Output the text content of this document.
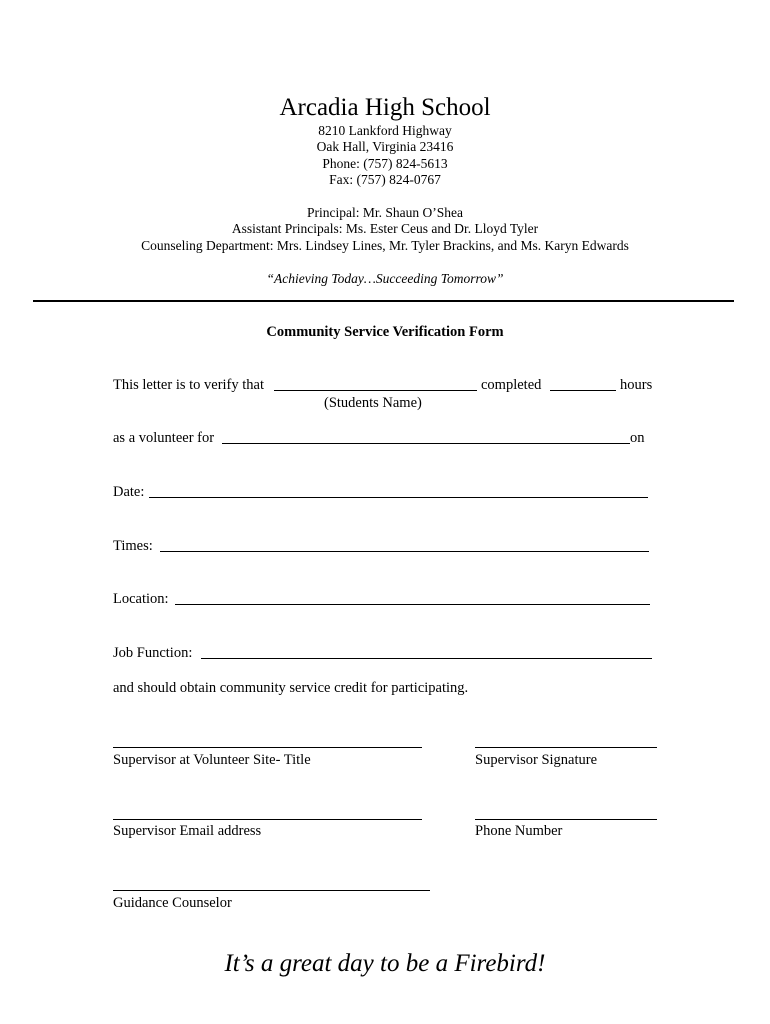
Arcadia High School
8210 Lankford Highway
Oak Hall, Virginia 23416
Phone: (757) 824-5613
Fax: (757) 824-0767
Principal: Mr. Shaun O’Shea
Assistant Principals: Ms. Ester Ceus and Dr. Lloyd Tyler
Counseling Department: Mrs. Lindsey Lines, Mr. Tyler Brackins, and Ms. Karyn Edwards
“Achieving Today…Succeeding Tomorrow”
Community Service Verification Form
This letter is to verify that	completed	hours
(Students Name)
as a volunteer for	on
Date:
Times:
Location:
Job Function:
and should obtain community service credit for participating.
Supervisor at Volunteer Site- Title	Supervisor Signature
Supervisor Email address	Phone Number
Guidance Counselor
It’s a great day to be a Firebird!
